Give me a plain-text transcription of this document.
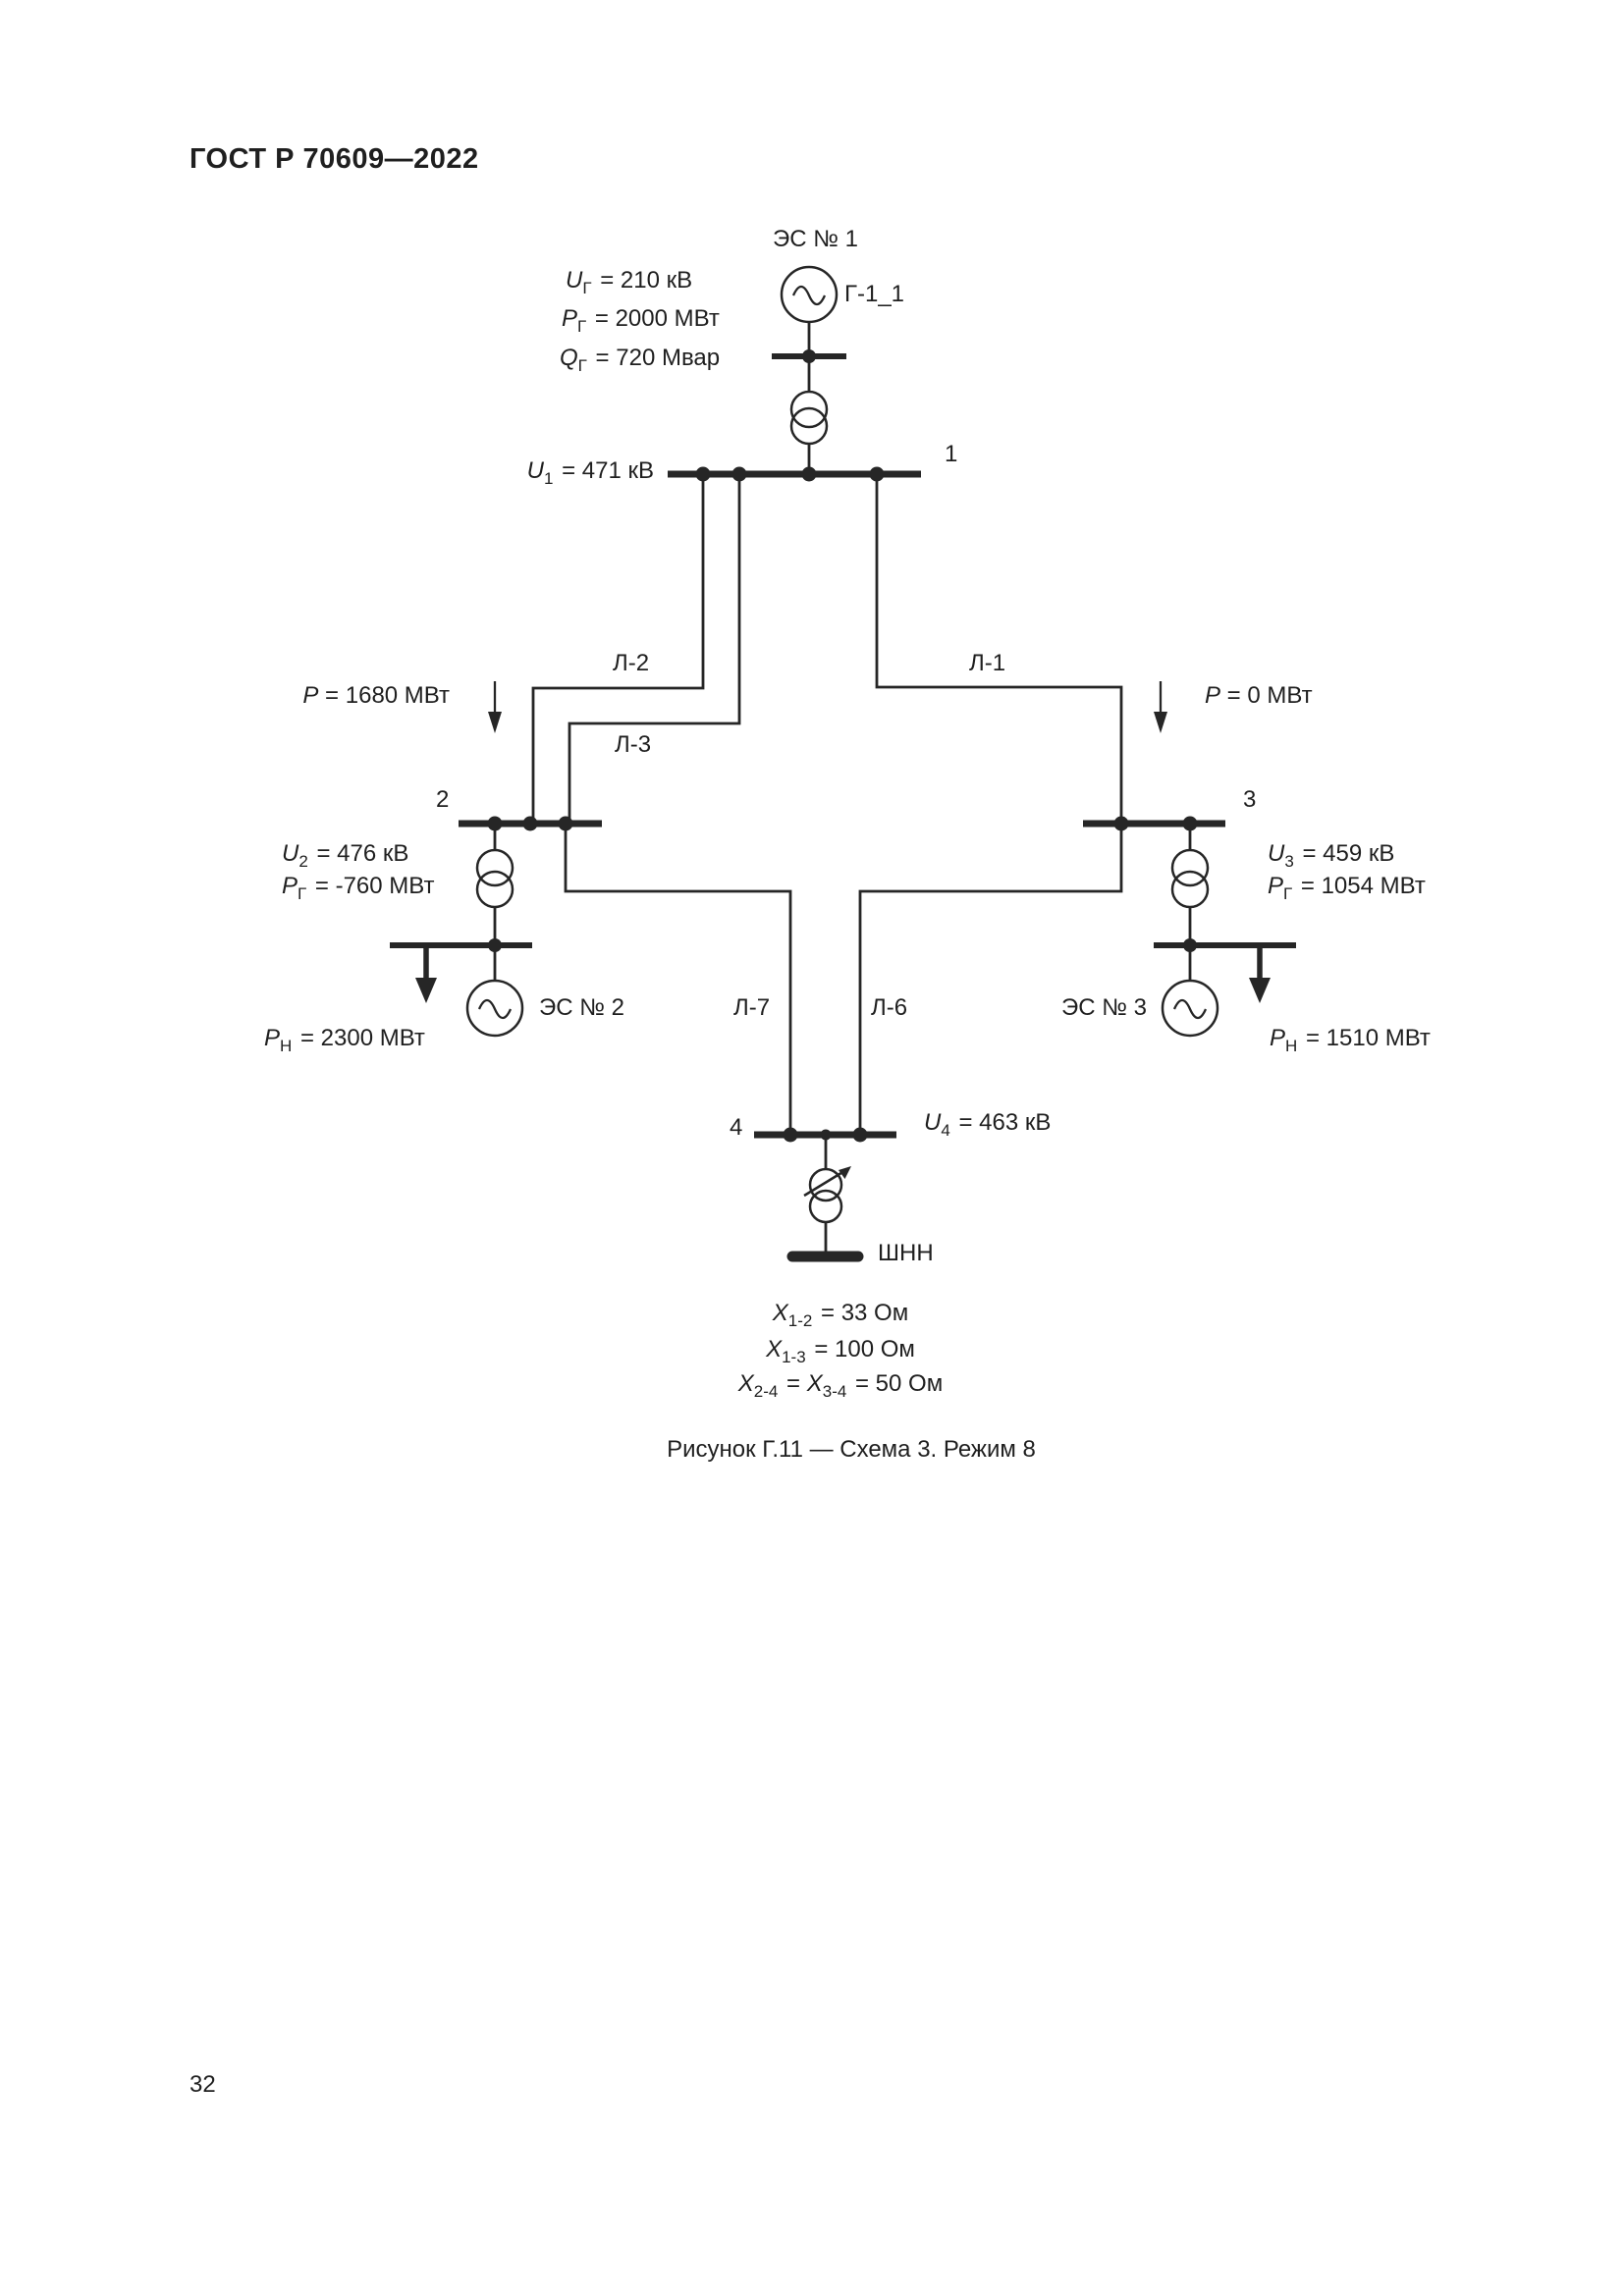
ГОСТ Р 70609—2022
ЭС № 1
Г-1_1
$U_Г = 210$ кВ
$P_Г = 2000$ МВт
$Q_Г = 720$ Мвар
$U_1 = 471$ кВ
1
Л-2
Л-3
Л-1
P = 1680 МВт	P = 0 МВт
2
$U_2 = 476$ кВ
$P_Г = -760$ МВт
ЭС № 2
$P_Н = 2300$ МВт
3
$U_3 = 459$ кВ
$P_Г = 1054$ МВт
ЭС № 3
$P_Н = 1510$ МВт
Л-7	Л-6
4	$U_4 = 463$ кВ
ШНН
$X_{1-2} = 33$ Ом
$X_{1-3} = 100$ Ом
$X_{2-4} = X_{3-4} = 50$ Ом
Рисунок Г.11 — Схема 3. Режим 8
32
